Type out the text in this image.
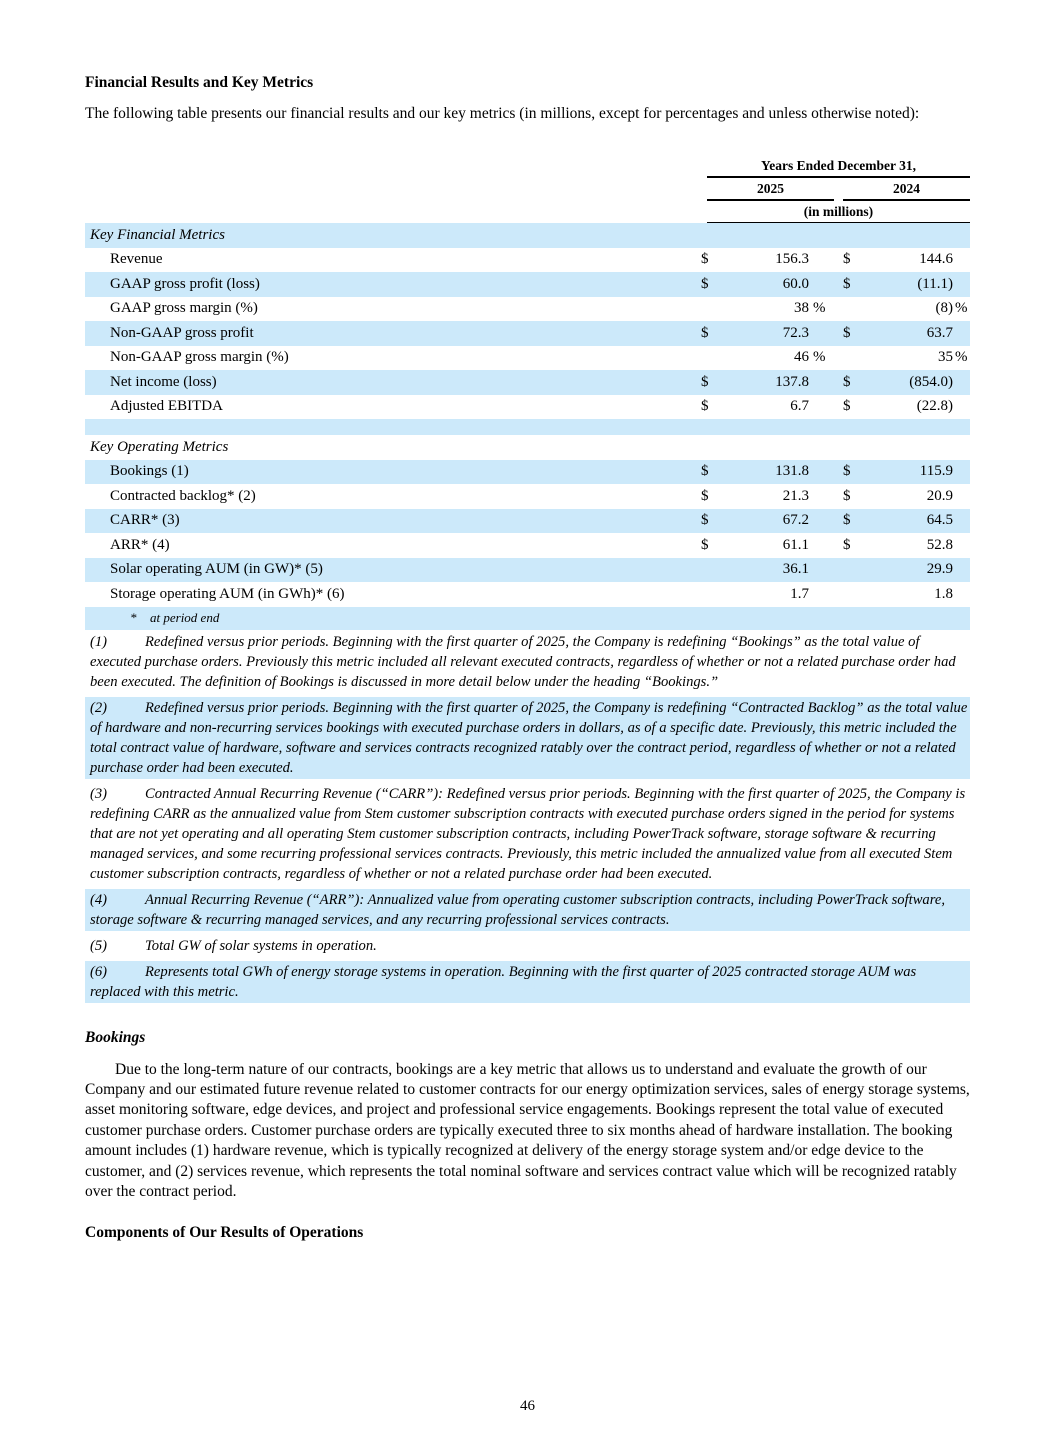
Financial Results and Key Metrics

The following table presents our financial results and our key metrics (in millions, except for percentages and unless otherwise noted):

Years Ended December 31,
2025	2024
(in millions)
Key Financial Metrics
Revenue	$	156.3 $	144.6
GAAP gross profit (loss)	$	60.0 $	(11.1)
GAAP gross margin (%)	38 %	(8) %
Non-GAAP gross profit	$	72.3 $	63.7
Non-GAAP gross margin (%)	46 %	35 %
Net income (loss)	$	137.8 $	(854.0)
Adjusted EBITDA	$	6.7 $	(22.8)
Key Operating Metrics
Bookings (1)	$	131.8 $	115.9
Contracted backlog* (2)	$	21.3 $	20.9
CARR* (3)	$	67.2 $	64.5
ARR* (4)	$	61.1 $	52.8
Solar operating AUM (in GW)* (5)	36.1	29.9
Storage operating AUM (in GWh)* (6)	1.7	1.8
*	at period end

(1)	Redefined versus prior periods. Beginning with the first quarter of 2025, the Company is redefining “Bookings” as the total value of executed purchase orders. Previously this metric included all relevant executed contracts, regardless of whether or not a related purchase order had been executed. The definition of Bookings is discussed in more detail below under the heading “Bookings.”

(2)	Redefined versus prior periods. Beginning with the first quarter of 2025, the Company is redefining “Contracted Backlog” as the total value of hardware and non-recurring services bookings with executed purchase orders in dollars, as of a specific date. Previously, this metric included the total contract value of hardware, software and services contracts recognized ratably over the contract period, regardless of whether or not a related purchase order had been executed.

(3)	Contracted Annual Recurring Revenue (“CARR”): Redefined versus prior periods. Beginning with the first quarter of 2025, the Company is redefining CARR as the annualized value from Stem customer subscription contracts with executed purchase orders signed in the period for systems that are not yet operating and all operating Stem customer subscription contracts, including PowerTrack software, storage software & recurring managed services, and some recurring professional services contracts. Previously, this metric included the annualized value from all executed Stem customer subscription contracts, regardless of whether or not a related purchase order had been executed.

(4)	Annual Recurring Revenue (“ARR”): Annualized value from operating customer subscription contracts, including PowerTrack software, storage software & recurring managed services, and any recurring professional services contracts.

(5)	Total GW of solar systems in operation.

(6)	Represents total GWh of energy storage systems in operation. Beginning with the first quarter of 2025 contracted storage AUM was replaced with this metric.

Bookings

Due to the long-term nature of our contracts, bookings are a key metric that allows us to understand and evaluate the growth of our Company and our estimated future revenue related to customer contracts for our energy optimization services, sales of energy storage systems, asset monitoring software, edge devices, and project and professional service engagements. Bookings represent the total value of executed customer purchase orders. Customer purchase orders are typically executed three to six months ahead of hardware installation. The booking amount includes (1) hardware revenue, which is typically recognized at delivery of the energy storage system and/or edge device to the customer, and (2) services revenue, which represents the total nominal software and services contract value which will be recognized ratably over the contract period.

Components of Our Results of Operations
46
